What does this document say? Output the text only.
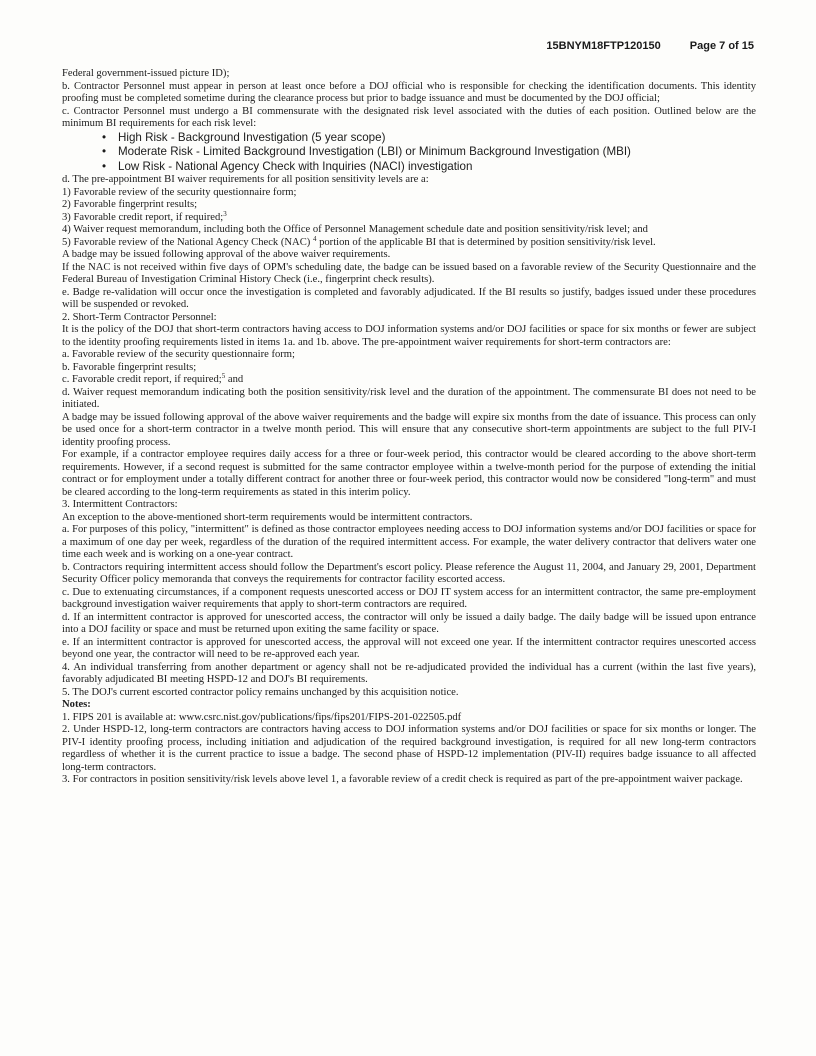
15BNYM18FTP120150	Page 7 of 15

Federal government-issued picture ID);

b. Contractor Personnel must appear in person at least once before a DOJ official who is responsible for checking the identification documents. This identity proofing must be completed sometime during the clearance process but prior to badge issuance and must be documented by the DOJ official;

c. Contractor Personnel must undergo a BI commensurate with the designated risk level associated with the duties of each position. Outlined below are the minimum BI requirements for each risk level:

• High Risk - Background Investigation (5 year scope)
• Moderate Risk - Limited Background Investigation (LBI) or Minimum Background Investigation (MBI)
• Low Risk - National Agency Check with Inquiries (NACI) investigation

d. The pre-appointment BI waiver requirements for all position sensitivity levels are a:

1) Favorable review of the security questionnaire form;

2) Favorable fingerprint results;

3) Favorable credit report, if required;$^3$

4) Waiver request memorandum, including both the Office of Personnel Management schedule date and position sensitivity/risk level; and

5) Favorable review of the National Agency Check (NAC) $^4$ portion of the applicable BI that is determined by position sensitivity/risk level.

A badge may be issued following approval of the above waiver requirements.

If the NAC is not received within five days of OPM's scheduling date, the badge can be issued based on a favorable review of the Security Questionnaire and the Federal Bureau of Investigation Criminal History Check (i.e., fingerprint check results).

e. Badge re-validation will occur once the investigation is completed and favorably adjudicated. If the BI results so justify, badges issued under these procedures will be suspended or revoked.

2. Short-Term Contractor Personnel:

It is the policy of the DOJ that short-term contractors having access to DOJ information systems and/or DOJ facilities or space for six months or fewer are subject to the identity proofing requirements listed in items 1a. and 1b. above. The pre-appointment waiver requirements for short-term contractors are:

a. Favorable review of the security questionnaire form;

b. Favorable fingerprint results;

c. Favorable credit report, if required;$^5$ and

d. Waiver request memorandum indicating both the position sensitivity/risk level and the duration of the appointment. The commensurate BI does not need to be initiated.

A badge may be issued following approval of the above waiver requirements and the badge will expire six months from the date of issuance. This process can only be used once for a short-term contractor in a twelve month period. This will ensure that any consecutive short-term appointments are subject to the full PIV-I identity proofing process.

For example, if a contractor employee requires daily access for a three or four-week period, this contractor would be cleared according to the above short-term requirements. However, if a second request is submitted for the same contractor employee within a twelve-month period for the purpose of extending the initial contract or for employment under a totally different contract for another three or four-week period, this contractor would now be considered "long-term" and must be cleared according to the long-term requirements as stated in this interim policy.

3. Intermittent Contractors:

An exception to the above-mentioned short-term requirements would be intermittent contractors.

a. For purposes of this policy, "intermittent" is defined as those contractor employees needing access to DOJ information systems and/or DOJ facilities or space for a maximum of one day per week, regardless of the duration of the required intermittent access. For example, the water delivery contractor that delivers water one time each week and is working on a one-year contract.

b. Contractors requiring intermittent access should follow the Department's escort policy. Please reference the August 11, 2004, and January 29, 2001, Department Security Officer policy memoranda that conveys the requirements for contractor facility escorted access.

c. Due to extenuating circumstances, if a component requests unescorted access or DOJ IT system access for an intermittent contractor, the same pre-employment background investigation waiver requirements that apply to short-term contractors are required.

d. If an intermittent contractor is approved for unescorted access, the contractor will only be issued a daily badge. The daily badge will be issued upon entrance into a DOJ facility or space and must be returned upon exiting the same facility or space.

e. If an intermittent contractor is approved for unescorted access, the approval will not exceed one year. If the intermittent contractor requires unescorted access beyond one year, the contractor will need to be re-approved each year.

4. An individual transferring from another department or agency shall not be re-adjudicated provided the individual has a current (within the last five years), favorably adjudicated BI meeting HSPD-12 and DOJ's BI requirements.

5. The DOJ's current escorted contractor policy remains unchanged by this acquisition notice.

Notes:

1. FIPS 201 is available at: www.csrc.nist.gov/publications/fips/fips201/FIPS-201-022505.pdf

2. Under HSPD-12, long-term contractors are contractors having access to DOJ information systems and/or DOJ facilities or space for six months or longer. The PIV-I identity proofing process, including initiation and adjudication of the required background investigation, is required for all new long-term contractors regardless of whether it is the current practice to issue a badge. The second phase of HSPD-12 implementation (PIV-II) requires badge issuance to all affected long-term contractors.

3. For contractors in position sensitivity/risk levels above level 1, a favorable review of a credit check is required as part of the pre-appointment waiver package.
